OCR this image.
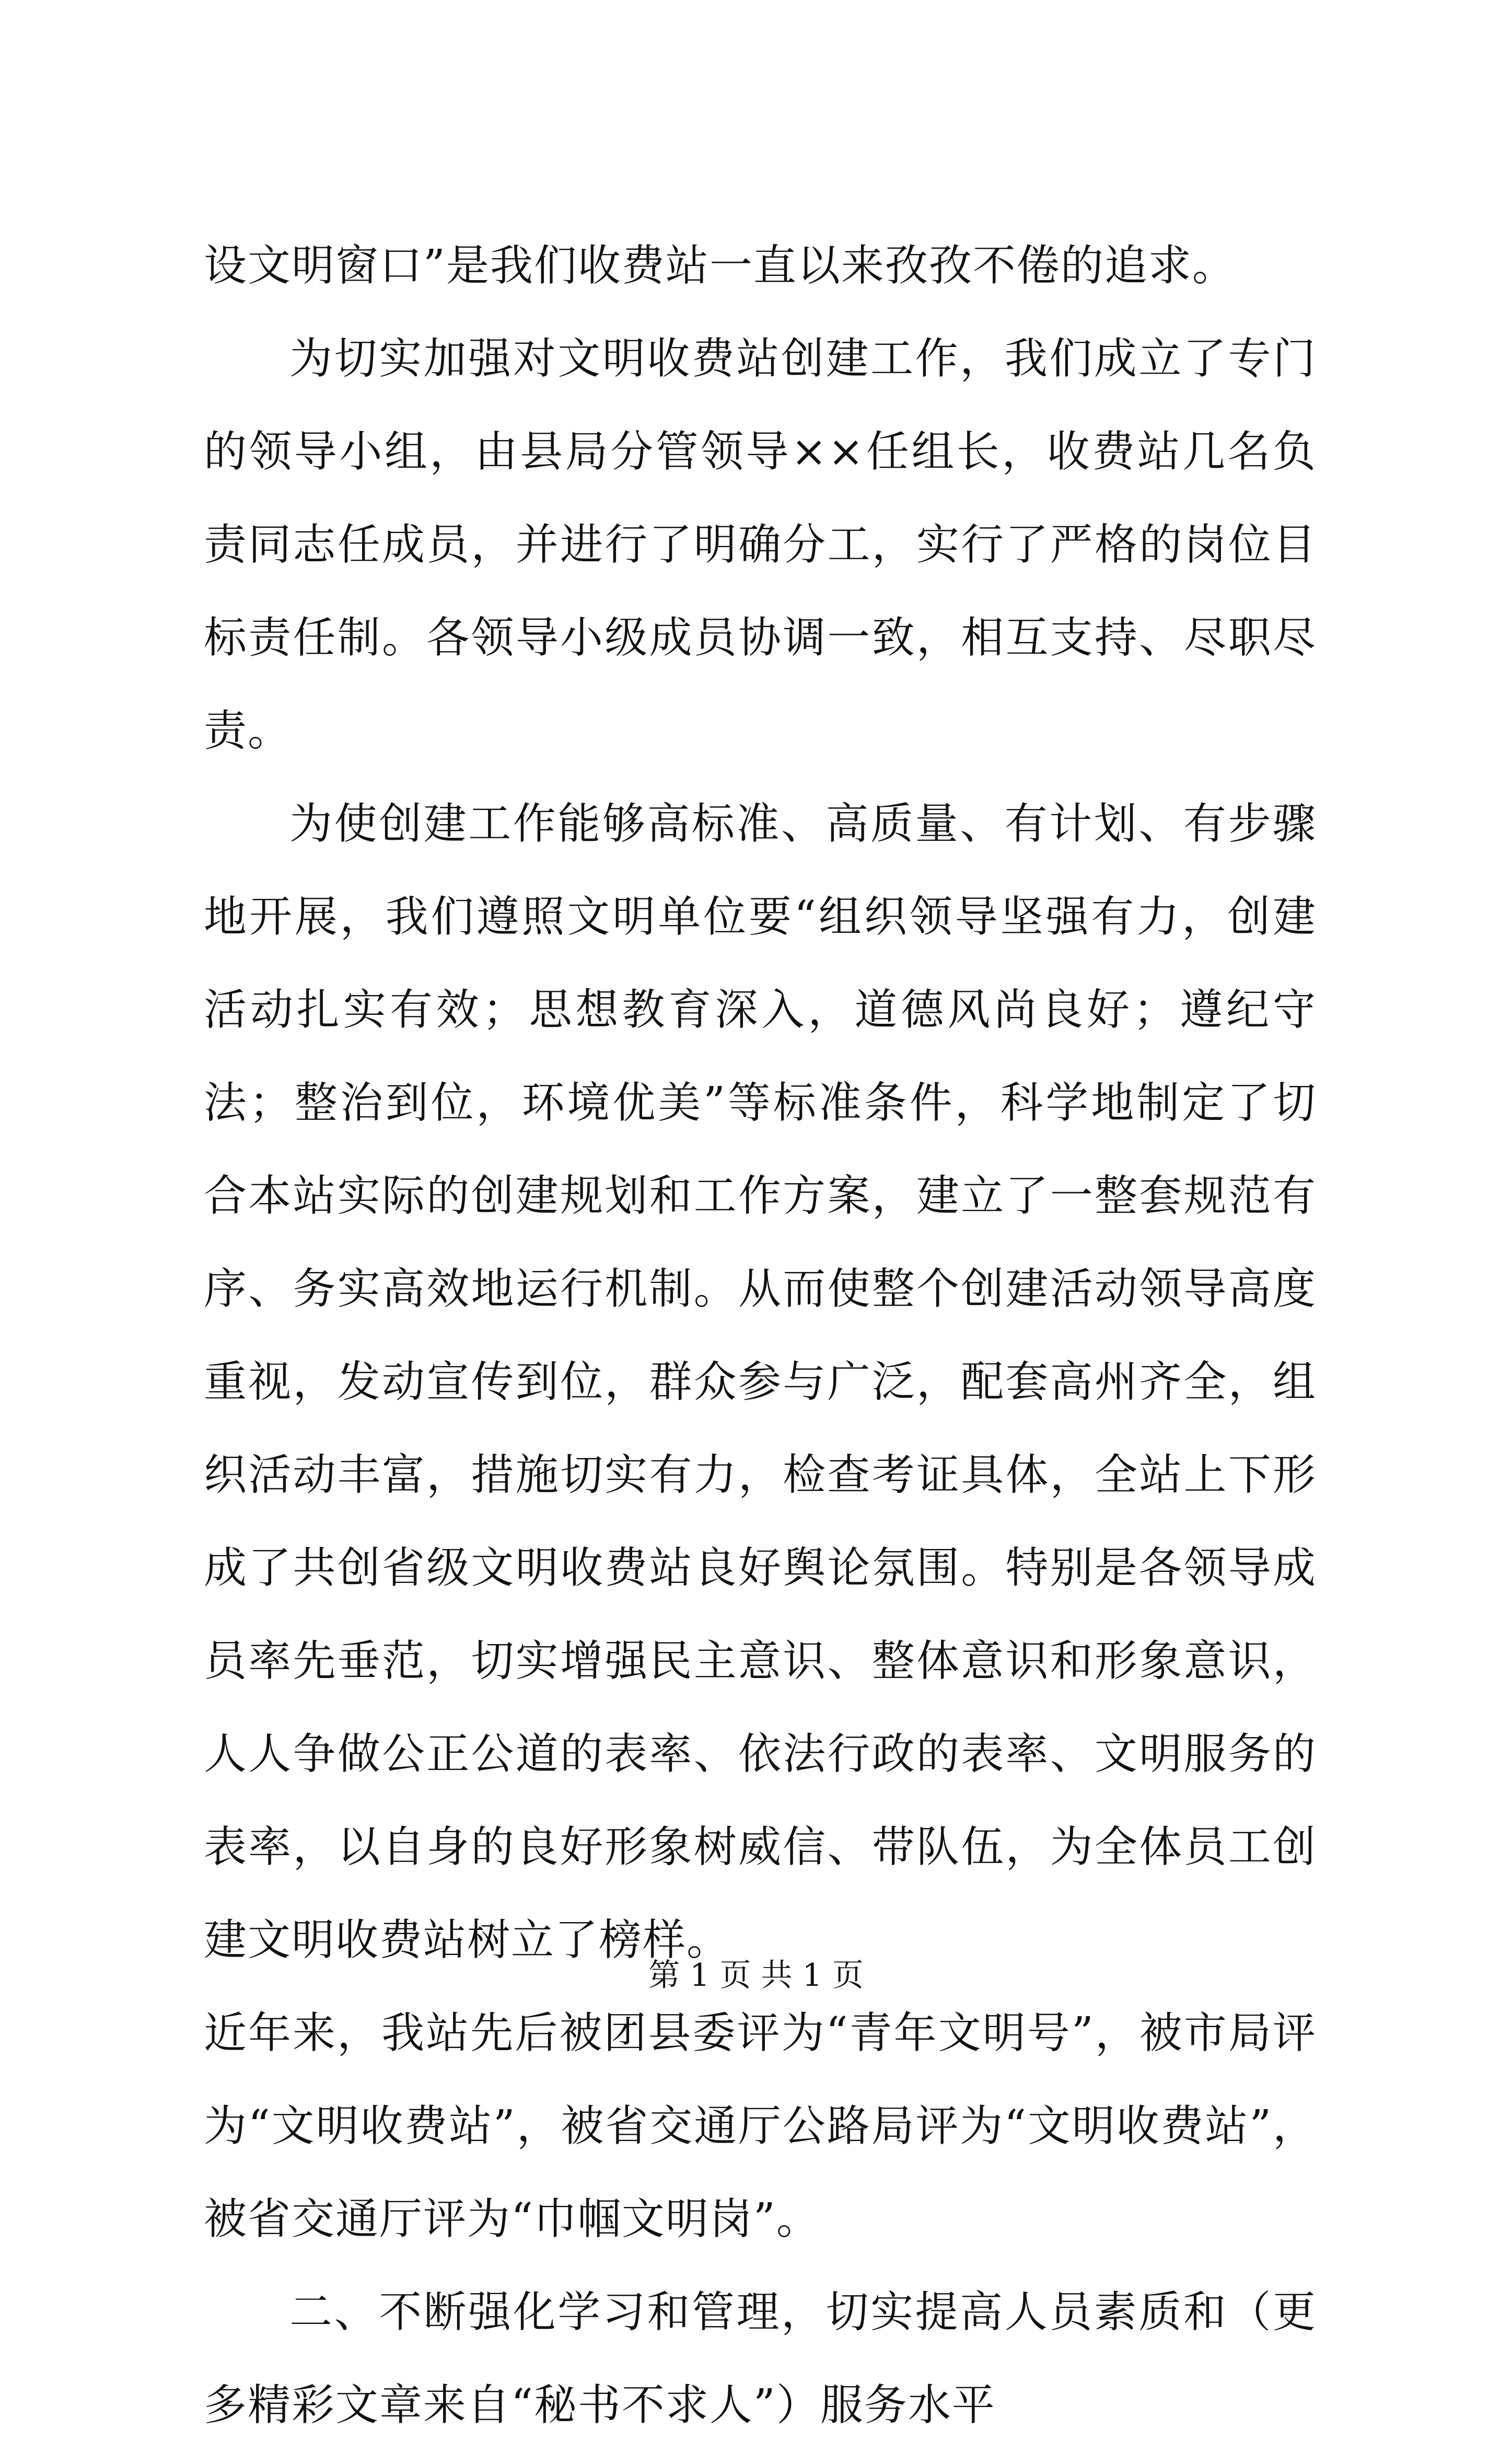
设文明窗口”是我们收费站一直以来孜孜不倦的追求。

为切实加强对文明收费站创建工作，我们成立了专门的领导小组，由县局分管领导××任组长，收费站几名负责同志任成员，并进行了明确分工，实行了严格的岗位目标责任制。各领导小级成员协调一致，相互支持、尽职尽责。

为使创建工作能够高标准、高质量、有计划、有步骤地开展，我们遵照文明单位要“组织领导坚强有力，创建活动扎实有效；思想教育深入，道德风尚良好；遵纪守法；整治到位，环境优美”等标准条件，科学地制定了切合本站实际的创建规划和工作方案，建立了一整套规范有序、务实高效地运行机制。从而使整个创建活动领导高度重视，发动宣传到位，群众参与广泛，配套高州齐全，组织活动丰富，措施切实有力，检查考证具体，全站上下形成了共创省级文明收费站良好舆论氛围。特别是各领导成员率先垂范，切实增强民主意识、整体意识和形象意识，人人争做公正公道的表率、依法行政的表率、文明服务的表率，以自身的良好形象树威信、带队伍，为全体员工创建文明收费站树立了榜样。

近年来，我站先后被团县委评为“青年文明号”，被市局评为“文明收费站”，被省交通厅公路局评为“文明收费站”，被省交通厅评为“巾帼文明岗”。

二、不断强化学习和管理，切实提高人员素质和（更多精彩文章来自“秘书不求人”）服务水平

第 1 页 共 1 页
